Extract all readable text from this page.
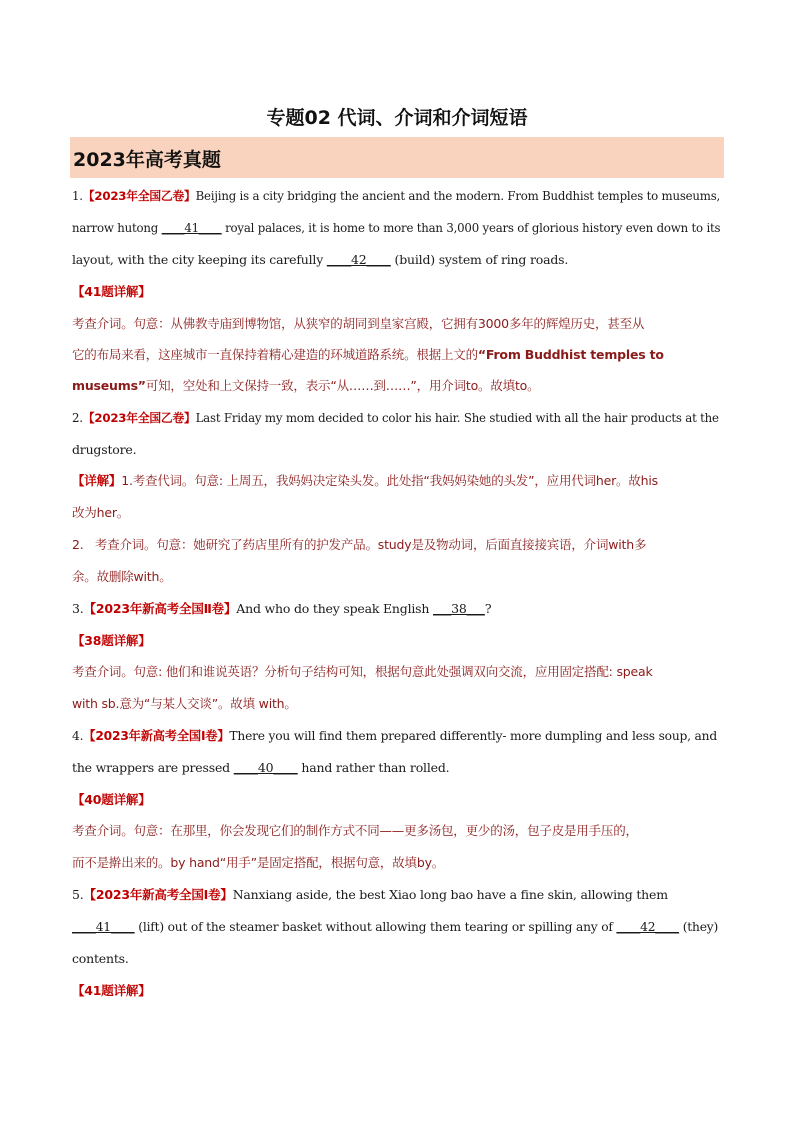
专题02 代词、介词和介词短语
2023年高考真题
1.【2023年全国乙卷】Beijing is a city bridging the ancient and the modern. From Buddhist temples to museums,
narrow hutong ____41____ royal palaces, it is home to more than 3,000 years of glorious history even down to its
layout, with the city keeping its carefully ____42____ (build) system of ring roads.
【41题详解】
考查介词。句意：从佛教寺庙到博物馆，从狭窄的胡同到皇家宫殿，它拥有3000多年的辉煌历史，甚至从
它的布局来看，这座城市一直保持着精心建造的环城道路系统。根据上文的“From Buddhist temples to
museums”可知，空处和上文保持一致，表示“从……到……”，用介词to。故填to。
2.【2023年全国乙卷】Last Friday my mom decided to color his hair. She studied with all the hair products at the
drugstore.
【详解】1.考查代词。句意: 上周五，我妈妈决定染头发。此处指“我妈妈染她的头发”，应用代词her。故his
改为her。
2. 考查介词。句意：她研究了药店里所有的护发产品。study是及物动词，后面直接接宾语，介词with多
余。故删除with。
3.【2023年新高考全国Ⅱ卷】And who do they speak English ___38___?
【38题详解】
考查介词。句意: 他们和谁说英语？分析句子结构可知，根据句意此处强调双向交流，应用固定搭配: speak
with sb.意为“与某人交谈”。故填 with。
4.【2023年新高考全国Ⅰ卷】There you will find them prepared differently- more dumpling and less soup, and
the wrappers are pressed ____40____ hand rather than rolled.
【40题详解】
考查介词。句意：在那里，你会发现它们的制作方式不同——更多汤包，更少的汤，包子皮是用手压的，
而不是擀出来的。by hand“用手”是固定搭配，根据句意，故填by。
5.【2023年新高考全国Ⅰ卷】Nanxiang aside, the best Xiao long bao have a fine skin, allowing them
____41____ (lift) out of the steamer basket without allowing them tearing or spilling any of ____42____ (they)
contents.
【41题详解】
